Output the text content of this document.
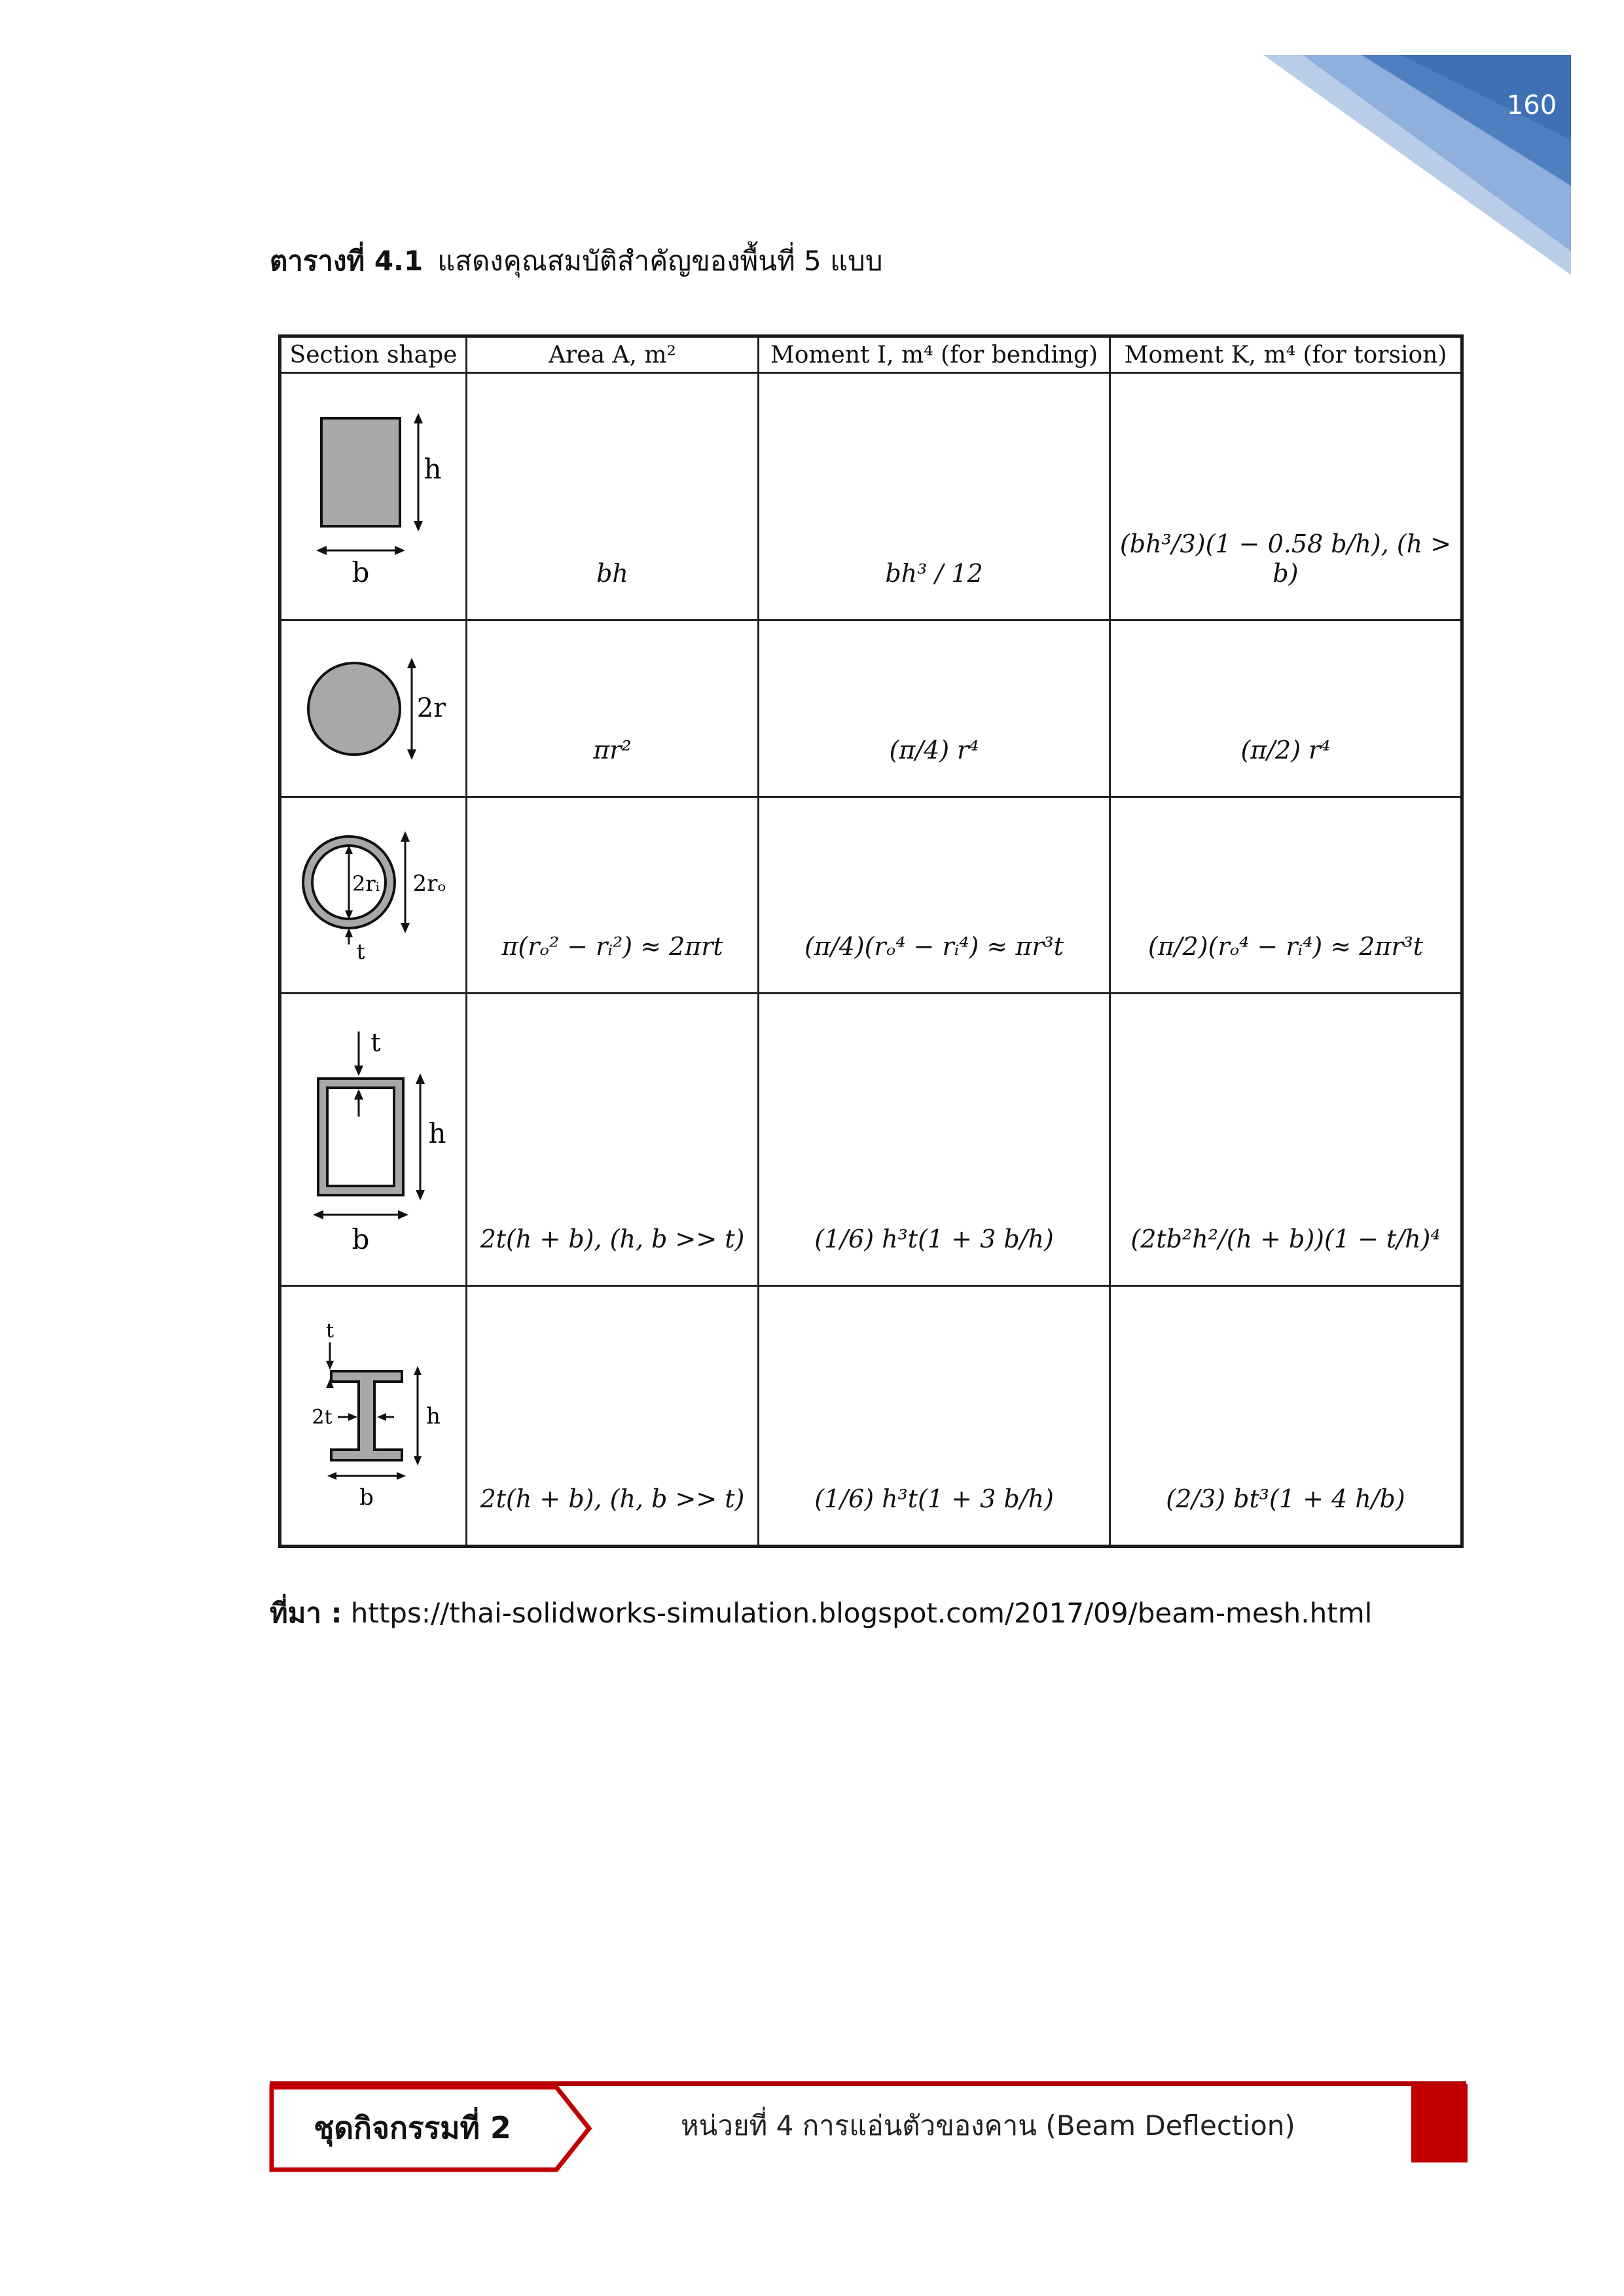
160
ตารางที่ 4.1 แสดงคุณสมบัติสำคัญของพื้นที่ 5 แบบ
Section shape	Area A, m²	Moment I, m⁴ (for bending)	Moment K, m⁴ (for torsion)

h
b	bh	bh³ / 12	(bh³/3)(1 − 0.58 b/h), (h > b)

2r	πr²	(π/4) r⁴	(π/2) r⁴

2rᵢ 2rₒ
t	π(rₒ² − rᵢ²) ≈ 2πrt	(π/4)(rₒ⁴ − rᵢ⁴) ≈ πr³t	(π/2)(rₒ⁴ − rᵢ⁴) ≈ 2πr³t

t
h
b	2t(h + b), (h, b >> t)	(1/6) h³t(1 + 3 b/h)	(2tb²h²/(h + b))(1 − t/h)⁴

t
2t h
b	2t(h + b), (h, b >> t)	(1/6) h³t(1 + 3 b/h)	(2/3) bt³(1 + 4 h/b)
ที่มา : https://thai-solidworks-simulation.blogspot.com/2017/09/beam-mesh.html
ชุดกิจกรรมที่ 2	หน่วยที่ 4 การแอ่นตัวของคาน (Beam Deflection)
